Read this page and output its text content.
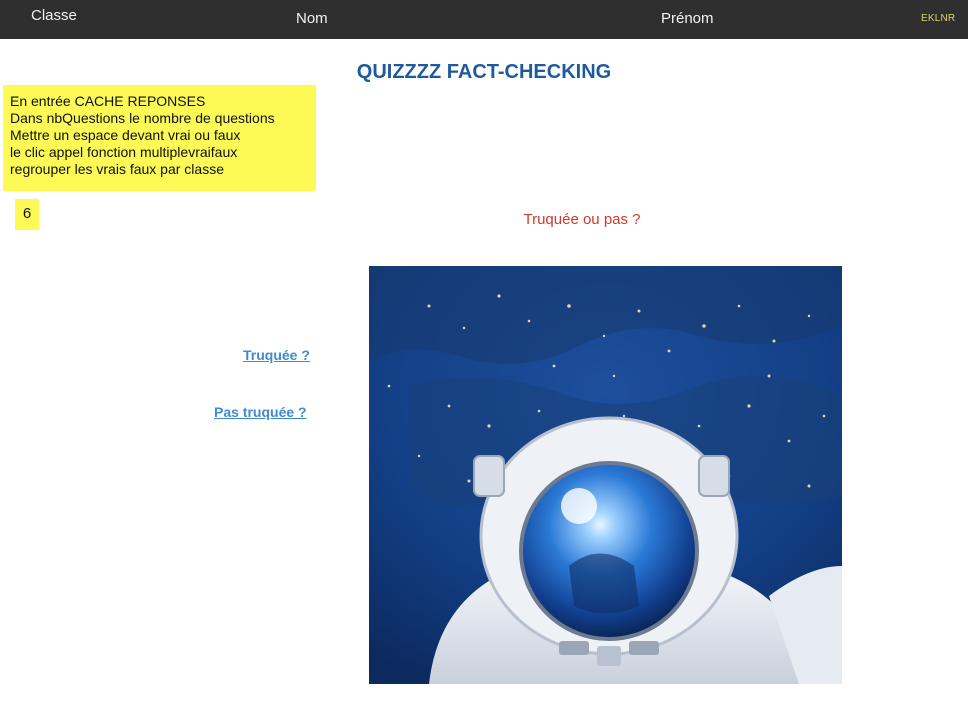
Classe	Nom	Prénom	EKLNR
QUIZZZZ FACT-CHECKING
En entrée CACHE REPONSES
Dans nbQuestions le nombre de questions
Mettre un espace devant vrai ou faux
le clic appel fonction multiplevraifaux
regrouper les vrais faux par classe
6	Truquée ou pas ?
Truquée ?
Pas truquée ?
